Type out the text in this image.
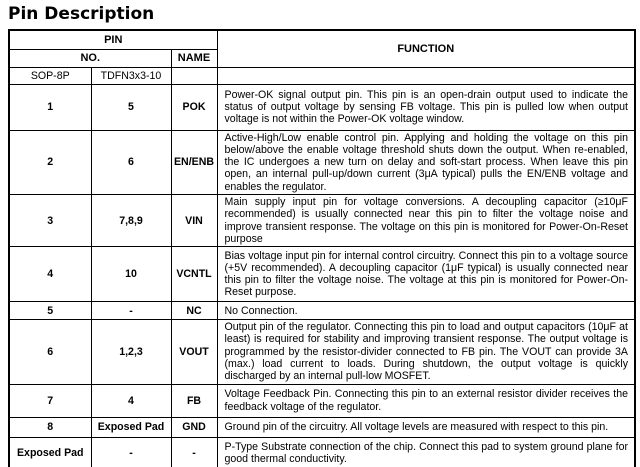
Pin Description
PIN			FUNCTION
NO.		NAME	
SOP-8P	TDFN3x3-10		
1	5	POK	Power-OK signal output pin. This pin is an open-drain output used to indicate the status of output voltage by sensing FB voltage. This pin is pulled low when output voltage is not within the Power-OK voltage window.
2	6	EN/ENB	Active-High/Low enable control pin. Applying and holding the voltage on this pin below/above the enable voltage threshold shuts down the output. When re-enabled, the IC undergoes a new turn on delay and soft-start process. When leave this pin open, an internal pull-up/down current (3μA typical) pulls the EN/ENB voltage and enables the regulator.
3	7,8,9	VIN	Main supply input pin for voltage conversions. A decoupling capacitor (≥10μF recommended) is usually connected near this pin to filter the voltage noise and improve transient response. The voltage on this pin is monitored for Power-On-Reset purpose
4	10	VCNTL	Bias voltage input pin for internal control circuitry. Connect this pin to a voltage source (+5V recommended). A decoupling capacitor (1μF typical) is usually connected near this pin to filter the voltage noise. The voltage at this pin is monitored for Power-On-Reset purpose.
5	-	NC	No Connection.
6	1,2,3	VOUT	Output pin of the regulator. Connecting this pin to load and output capacitors (10μF at least) is required for stability and improving transient response. The output voltage is programmed by the resistor-divider connected to FB pin. The VOUT can provide 3A (max.) load current to loads. During shutdown, the output voltage is quickly discharged by an internal pull-low MOSFET.
7	4	FB	Voltage Feedback Pin. Connecting this pin to an external resistor divider receives the feedback voltage of the regulator.
8	Exposed Pad	GND	Ground pin of the circuitry. All voltage levels are measured with respect to this pin.
Exposed Pad	-	-	P-Type Substrate connection of the chip. Connect this pad to system ground plane for good thermal conductivity.
